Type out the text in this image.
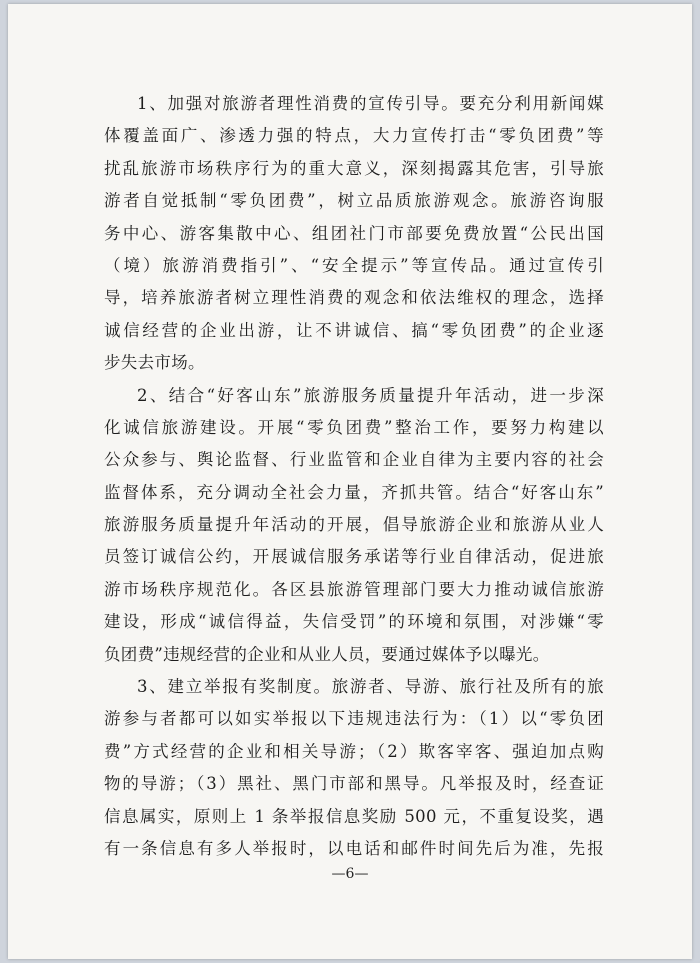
1、加强对旅游者理性消费的宣传引导。要充分利用新闻媒
体覆盖面广、渗透力强的特点，大力宣传打击“零负团费”等
扰乱旅游市场秩序行为的重大意义，深刻揭露其危害，引导旅
游者自觉抵制“零负团费”，树立品质旅游观念。旅游咨询服
务中心、游客集散中心、组团社门市部要免费放置“公民出国
（境）旅游消费指引”、“安全提示”等宣传品。通过宣传引
导，培养旅游者树立理性消费的观念和依法维权的理念，选择
诚信经营的企业出游，让不讲诚信、搞“零负团费”的企业逐
步失去市场。
2、结合“好客山东”旅游服务质量提升年活动，进一步深
化诚信旅游建设。开展“零负团费”整治工作，要努力构建以
公众参与、舆论监督、行业监管和企业自律为主要内容的社会
监督体系，充分调动全社会力量，齐抓共管。结合“好客山东”
旅游服务质量提升年活动的开展，倡导旅游企业和旅游从业人
员签订诚信公约，开展诚信服务承诺等行业自律活动，促进旅
游市场秩序规范化。各区县旅游管理部门要大力推动诚信旅游
建设，形成“诚信得益，失信受罚”的环境和氛围，对涉嫌“零
负团费”违规经营的企业和从业人员，要通过媒体予以曝光。
3、建立举报有奖制度。旅游者、导游、旅行社及所有的旅
游参与者都可以如实举报以下违规违法行为：（1）以“零负团
费”方式经营的企业和相关导游；（2）欺客宰客、强迫加点购
物的导游；（3）黑社、黑门市部和黑导。凡举报及时，经查证
信息属实，原则上 1 条举报信息奖励 500 元，不重复设奖，遇
有一条信息有多人举报时，以电话和邮件时间先后为准，先报
—6—
